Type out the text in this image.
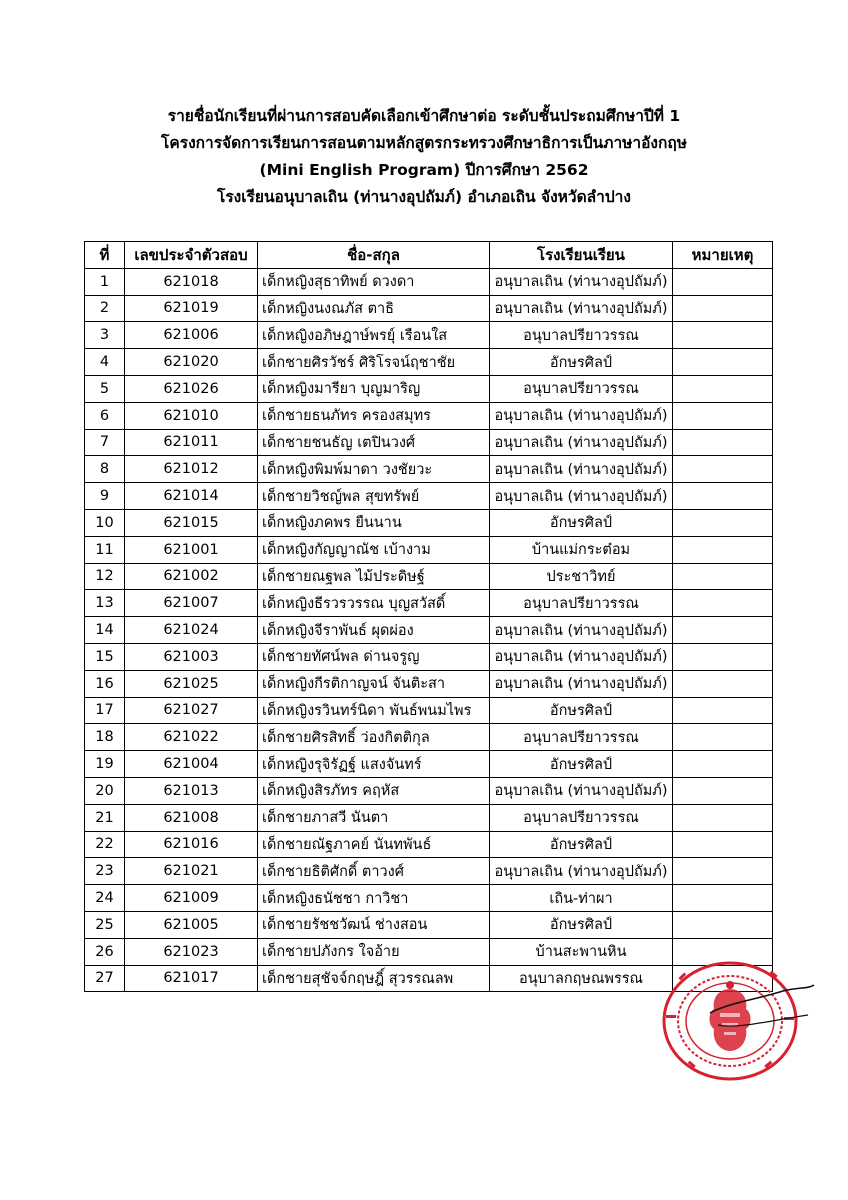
รายชื่อนักเรียนที่ผ่านการสอบคัดเลือกเข้าศึกษาต่อ ระดับชั้นประถมศึกษาปีที่ 1
โครงการจัดการเรียนการสอนตามหลักสูตรกระทรวงศึกษาธิการเป็นภาษาอังกฤษ
(Mini English Program) ปีการศึกษา 2562
โรงเรียนอนุบาลเถิน (ท่านางอุปถัมภ์) อำเภอเถิน จังหวัดลำปาง
ที่	เลขประจำตัวสอบ	ชื่อ-สกุล	โรงเรียนเรียน	หมายเหตุ
1	621018	เด็กหญิงสุธาทิพย์ ดวงดา	อนุบาลเถิน (ท่านางอุปถัมภ์)	
2	621019	เด็กหญิงนงณภัส ตาธิ	อนุบาลเถิน (ท่านางอุปถัมภ์)	
3	621006	เด็กหญิงอภิษฎาษ์พรยุ์ เรือนใส	อนุบาลปรียาวรรณ	
4	621020	เด็กชายศิรวัชร์ ศิริโรจน์ฤชาชัย	อักษรศิลป์	
5	621026	เด็กหญิงมารียา บุญมาริญ	อนุบาลปรียาวรรณ	
6	621010	เด็กชายธนภัทร ครองสมุทร	อนุบาลเถิน (ท่านางอุปถัมภ์)	
7	621011	เด็กชายชนธัญ เตปินวงศ์	อนุบาลเถิน (ท่านางอุปถัมภ์)	
8	621012	เด็กหญิงพิมพ์มาดา วงชัยวะ	อนุบาลเถิน (ท่านางอุปถัมภ์)	
9	621014	เด็กชายวิชญ์พล สุขทรัพย์	อนุบาลเถิน (ท่านางอุปถัมภ์)	
10	621015	เด็กหญิงภคพร ยืนนาน	อักษรศิลป์	
11	621001	เด็กหญิงกัญญาณัช เบ้างาม	บ้านแม่กระต๋อม	
12	621002	เด็กชายณฐพล ไม้ประดิษฐ์	ประชาวิทย์	
13	621007	เด็กหญิงธีรวรวรรณ บุญสวัสดิ์	อนุบาลปรียาวรรณ	
14	621024	เด็กหญิงจีราพันธ์ ผุดผ่อง	อนุบาลเถิน (ท่านางอุปถัมภ์)	
15	621003	เด็กชายทัศน์พล ด่านจรูญ	อนุบาลเถิน (ท่านางอุปถัมภ์)	
16	621025	เด็กหญิงกีรติกาญจน์ จันติะสา	อนุบาลเถิน (ท่านางอุปถัมภ์)	
17	621027	เด็กหญิงรวินทร์นิดา พันธ์พนมไพร	อักษรศิลป์	
18	621022	เด็กชายศิรสิทธิ์ ว่องกิตติกุล	อนุบาลปรียาวรรณ	
19	621004	เด็กหญิงรุจิรัฏฐ์ แสงจันทร์	อักษรศิลป์	
20	621013	เด็กหญิงสิรภัทร คฤหัส	อนุบาลเถิน (ท่านางอุปถัมภ์)	
21	621008	เด็กชายภาสวี นันตา	อนุบาลปรียาวรรณ	
22	621016	เด็กชายณัฐภาคย์ นันทพันธ์	อักษรศิลป์	
23	621021	เด็กชายธิติศักดิ์ ตาวงศ์	อนุบาลเถิน (ท่านางอุปถัมภ์)	
24	621009	เด็กหญิงธนัชชา กาวิชา	เถิน-ท่าผา	
25	621005	เด็กชายรัชชวัฒน์ ช่างสอน	อักษรศิลป์	
26	621023	เด็กชายปภังกร ใจอ้าย	บ้านสะพานหิน	
27	621017	เด็กชายสุชัจจ์กฤษฎิ์ สุวรรณลพ	อนุบาลกฤษณพรรณ	
